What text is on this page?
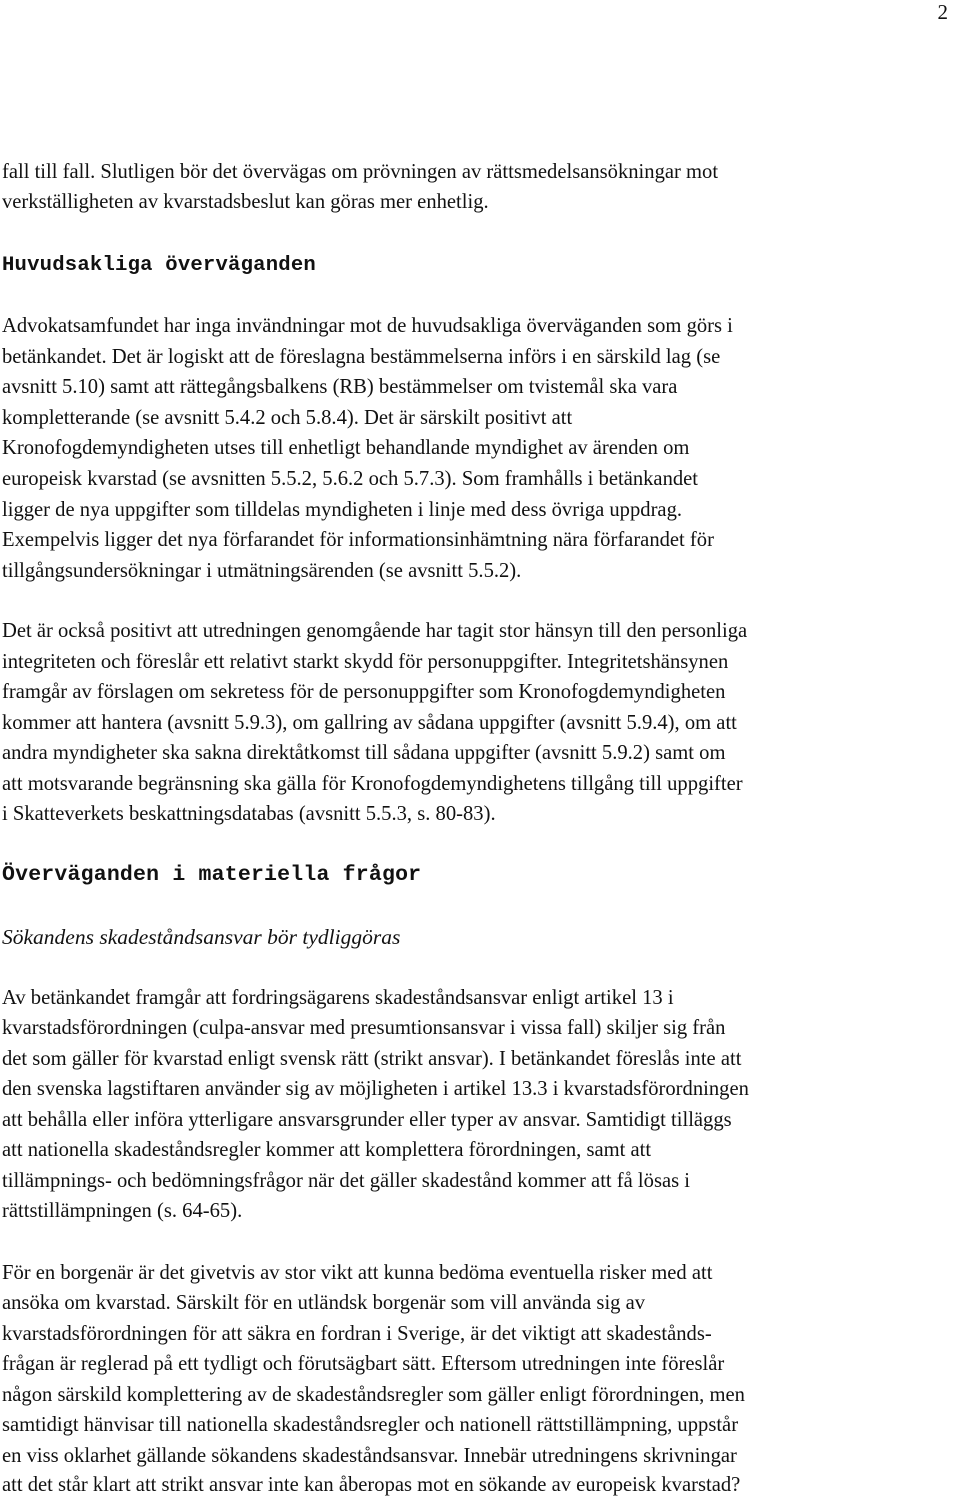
2
fall till fall. Slutligen bör det övervägas om prövningen av rättsmedelsansökningar mot
verkställigheten av kvarstadsbeslut kan göras mer enhetlig.
Huvudsakliga överväganden
Advokatsamfundet har inga invändningar mot de huvudsakliga överväganden som görs i
betänkandet. Det är logiskt att de föreslagna bestämmelserna införs i en särskild lag (se
avsnitt 5.10) samt att rättegångsbalkens (RB) bestämmelser om tvistemål ska vara
kompletterande (se avsnitt 5.4.2 och 5.8.4). Det är särskilt positivt att
Kronofogdemyndigheten utses till enhetligt behandlande myndighet av ärenden om
europeisk kvarstad (se avsnitten 5.5.2, 5.6.2 och 5.7.3). Som framhålls i betänkandet
ligger de nya uppgifter som tilldelas myndigheten i linje med dess övriga uppdrag.
Exempelvis ligger det nya förfarandet för informationsinhämtning nära förfarandet för
tillgångsundersökningar i utmätningsärenden (se avsnitt 5.5.2).
Det är också positivt att utredningen genomgående har tagit stor hänsyn till den personliga
integriteten och föreslår ett relativt starkt skydd för personuppgifter. Integritetshänsynen
framgår av förslagen om sekretess för de personuppgifter som Kronofogdemyndigheten
kommer att hantera (avsnitt 5.9.3), om gallring av sådana uppgifter (avsnitt 5.9.4), om att
andra myndigheter ska sakna direktåtkomst till sådana uppgifter (avsnitt 5.9.2) samt om
att motsvarande begränsning ska gälla för Kronofogdemyndighetens tillgång till uppgifter
i Skatteverkets beskattningsdatabas (avsnitt 5.5.3, s. 80-83).
Överväganden i materiella frågor
Sökandens skadeståndsansvar bör tydliggöras
Av betänkandet framgår att fordringsägarens skadeståndsansvar enligt artikel 13 i
kvarstadsförordningen (culpa-ansvar med presumtionsansvar i vissa fall) skiljer sig från
det som gäller för kvarstad enligt svensk rätt (strikt ansvar). I betänkandet föreslås inte att
den svenska lagstiftaren använder sig av möjligheten i artikel 13.3 i kvarstadsförordningen
att behålla eller införa ytterligare ansvarsgrunder eller typer av ansvar. Samtidigt tilläggs
att nationella skadeståndsregler kommer att komplettera förordningen, samt att
tillämpnings- och bedömningsfrågor när det gäller skadestånd kommer att få lösas i
rättstillämpningen (s. 64-65).
För en borgenär är det givetvis av stor vikt att kunna bedöma eventuella risker med att
ansöka om kvarstad. Särskilt för en utländsk borgenär som vill använda sig av
kvarstadsförordningen för att säkra en fordran i Sverige, är det viktigt att skadestånds-
frågan är reglerad på ett tydligt och förutsägbart sätt. Eftersom utredningen inte föreslår
någon särskild komplettering av de skadeståndsregler som gäller enligt förordningen, men
samtidigt hänvisar till nationella skadeståndsregler och nationell rättstillämpning, uppstår
en viss oklarhet gällande sökandens skadeståndsansvar. Innebär utredningens skrivningar
att det står klart att strikt ansvar inte kan åberopas mot en sökande av europeisk kvarstad?
